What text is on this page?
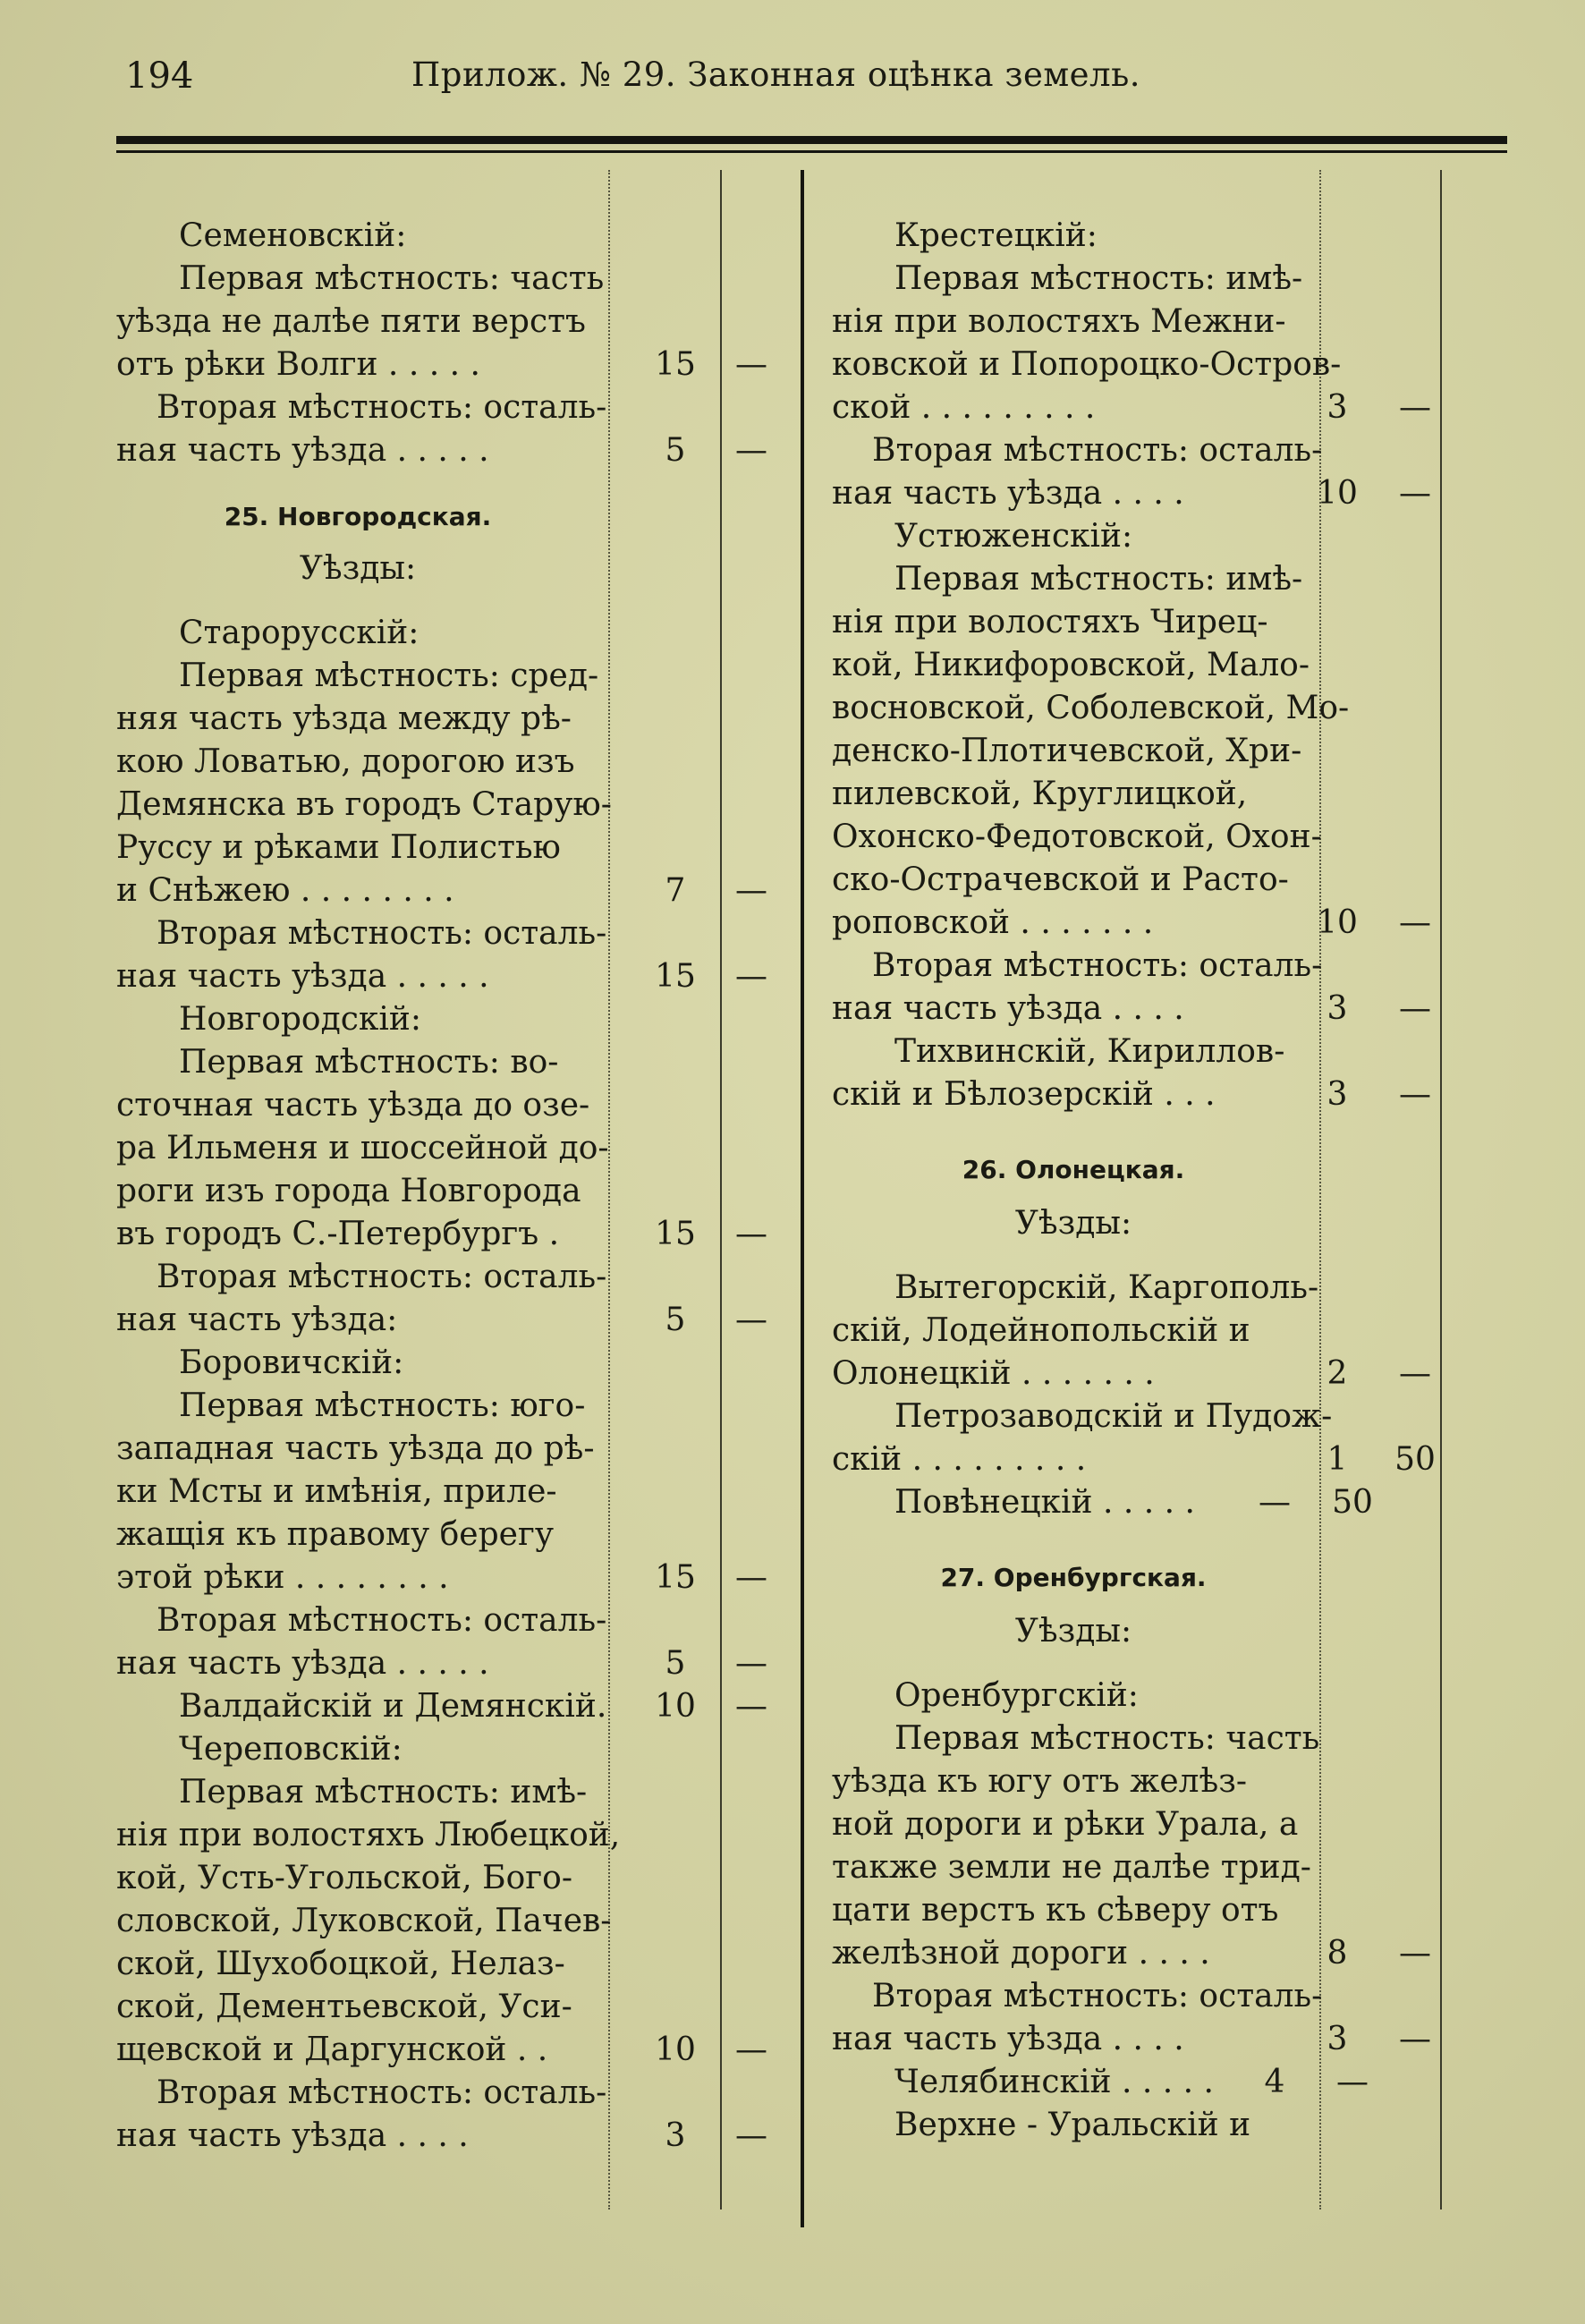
194	Прилож. № 29. Законная оцѣнка земель.
Семеновскій:
Первая мѣстность: часть
уѣзда не далѣе пяти верстъ
отъ рѣки Волги . . . . .	15	—
Вторая мѣстность: осталь-
ная часть уѣзда . . . . .	5	—
25. Новгородская.
Уѣзды:
Старорусскій:
Первая мѣстность: сред-
няя часть уѣзда между рѣ-
кою Ловатью, дорогою изъ
Демянска въ городъ Старую-
Руссу и рѣками Полистью
и Снѣжею . . . . . . . .	7	—
Вторая мѣстность: осталь-
ная часть уѣзда . . . . .	15	—
Новгородскій:
Первая мѣстность: во-
сточная часть уѣзда до озе-
ра Ильменя и шоссейной до-
роги изъ города Новгорода
въ городъ С.-Петербургъ .	15	—
Вторая мѣстность: осталь-
ная часть уѣзда:	5	—
Боровичскій:
Первая мѣстность: юго-
западная часть уѣзда до рѣ-
ки Мсты и имѣнія, приле-
жащія къ правому берегу
этой рѣки . . . . . . . .	15	—
Вторая мѣстность: осталь-
ная часть уѣзда . . . . .	5	—
Валдайскій и Демянскій.	10	—
Череповскій:
Первая мѣстность: имѣ-
нія при волостяхъ Любецкой,
кой, Усть-Угольской, Бого-
словской, Луковской, Пачев-
ской, Шухобоцкой, Нелаз-
ской, Дементьевской, Уси-
щевской и Даргунской . .	10	—
Вторая мѣстность: осталь-
ная часть уѣзда . . . .	3	—
Крестецкій:
Первая мѣстность: имѣ-
нія при волостяхъ Межни-
ковской и Попороцко-Остров-
ской . . . . . . . . .	3	—
Вторая мѣстность: осталь-
ная часть уѣзда . . . .	10	—
Устюженскій:
Первая мѣстность: имѣ-
нія при волостяхъ Чирец-
кой, Никифоровской, Мало-
восновской, Соболевской, Мо-
денско-Плотичевской, Хри-
пилевской, Круглицкой,
Охонско-Федотовской, Охон-
ско-Острачевской и Расто-
роповской . . . . . . .	10	—
Вторая мѣстность: осталь-
ная часть уѣзда . . . .	3	—
Тихвинскій, Кириллов-
скій и Бѣлозерскій . . .	3	—
26. Олонецкая.
Уѣзды:
Вытегорскій, Каргополь-
скій, Лодейнопольскій и
Олонецкій . . . . . . .	2	—
Петрозаводскій и Пудож-
скій . . . . . . . . .	1	50
Повѣнецкій . . . . .	—	50
27. Оренбургская.
Уѣзды:
Оренбургскій:
Первая мѣстность: часть
уѣзда къ югу отъ желѣз-
ной дороги и рѣки Урала, а
также земли не далѣе трид-
цати верстъ къ сѣверу отъ
желѣзной дороги . . . .	8	—
Вторая мѣстность: осталь-
ная часть уѣзда . . . .	3	—
Челябинскій . . . . .	4	—
Верхне - Уральскій и
